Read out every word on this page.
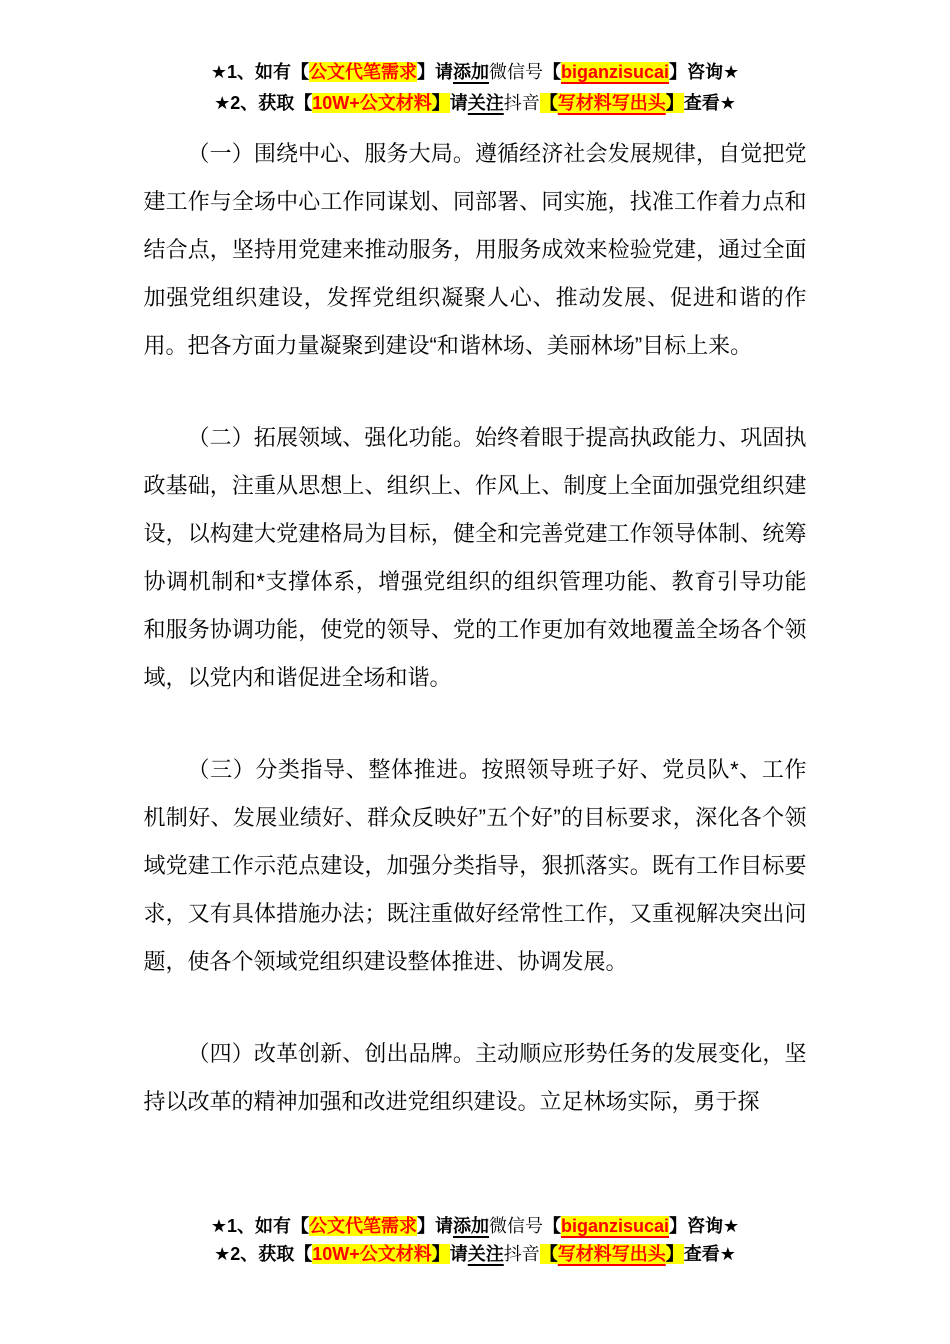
★1、如有【公文代笔需求】请添加微信号【biganzisucai】咨询★
★2、获取【10W+公文材料】请关注抖音【写材料写出头】查看★

（一）围绕中心、服务大局。遵循经济社会发展规律，自觉把党建工作与全场中心工作同谋划、同部署、同实施，找准工作着力点和结合点，坚持用党建来推动服务，用服务成效来检验党建，通过全面加强党组织建设，发挥党组织凝聚人心、推动发展、促进和谐的作用。把各方面力量凝聚到建设“和谐林场、美丽林场”目标上来。

（二）拓展领域、强化功能。始终着眼于提高执政能力、巩固执政基础，注重从思想上、组织上、作风上、制度上全面加强党组织建设，以构建大党建格局为目标，健全和完善党建工作领导体制、统筹协调机制和*支撑体系，增强党组织的组织管理功能、教育引导功能和服务协调功能，使党的领导、党的工作更加有效地覆盖全场各个领域，以党内和谐促进全场和谐。

（三）分类指导、整体推进。按照领导班子好、党员队*、工作机制好、发展业绩好、群众反映好”五个好”的目标要求，深化各个领域党建工作示范点建设，加强分类指导，狠抓落实。既有工作目标要求，又有具体措施办法；既注重做好经常性工作，又重视解决突出问题，使各个领域党组织建设整体推进、协调发展。

（四）改革创新、创出品牌。主动顺应形势任务的发展变化，坚持以改革的精神加强和改进党组织建设。立足林场实际，勇于探

★1、如有【公文代笔需求】请添加微信号【biganzisucai】咨询★
★2、获取【10W+公文材料】请关注抖音【写材料写出头】查看★
